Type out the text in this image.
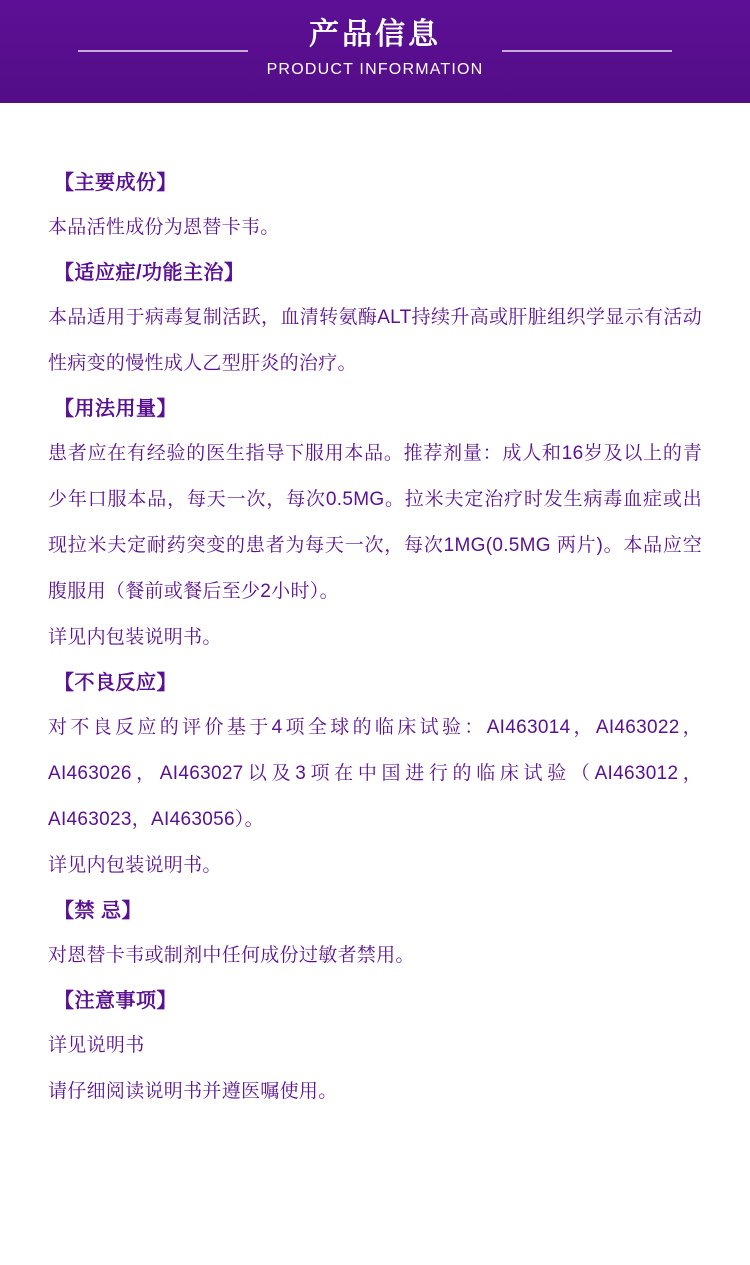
产品信息
PRODUCT INFORMATION
【主要成份】
本品活性成份为恩替卡韦。
【适应症/功能主治】
本品适用于病毒复制活跃，血清转氨酶ALT持续升高或肝脏组织学显示有活动性病变的慢性成人乙型肝炎的治疗。
【用法用量】
患者应在有经验的医生指导下服用本品。推荐剂量：成人和16岁及以上的青少年口服本品，每天一次，每次0.5MG。拉米夫定治疗时发生病毒血症或出现拉米夫定耐药突变的患者为每天一次，每次1MG(0.5MG 两片)。本品应空腹服用（餐前或餐后至少2小时）。
详见内包装说明书。
【不良反应】
对不良反应的评价基于4项全球的临床试验：AI463014，AI463022，AI463026，AI463027以及3项在中国进行的临床试验（AI463012，AI463023，AI463056）。
详见内包装说明书。
【禁 忌】
对恩替卡韦或制剂中任何成份过敏者禁用。
【注意事项】
详见说明书
请仔细阅读说明书并遵医嘱使用。
